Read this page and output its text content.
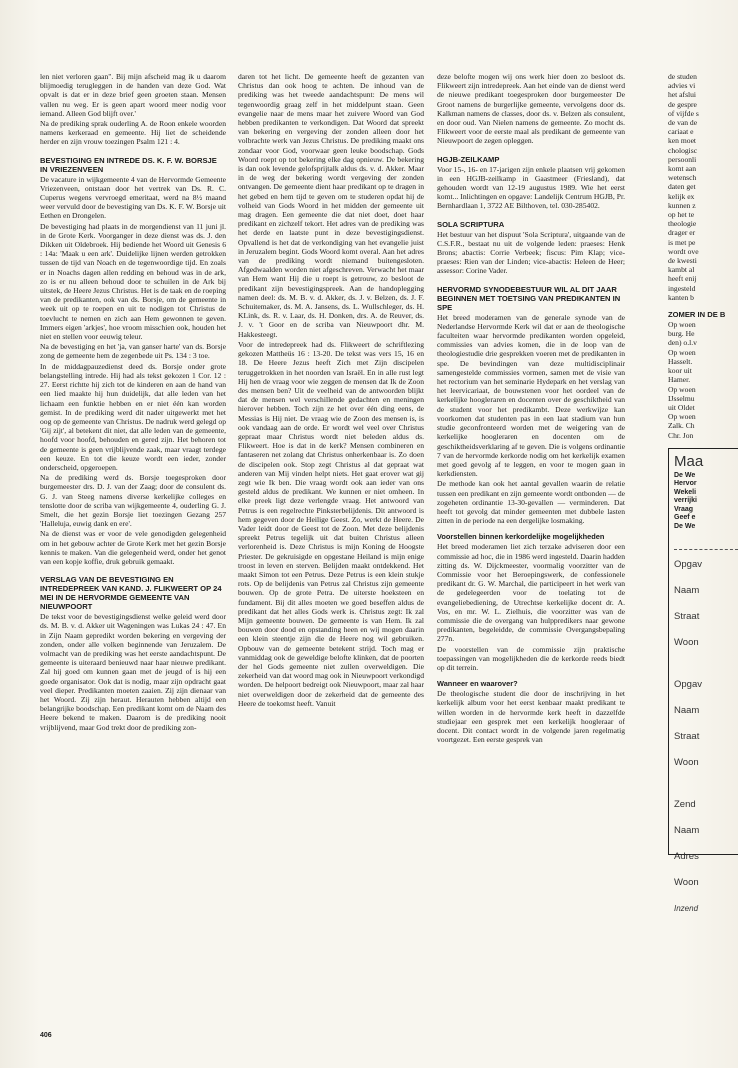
len niet verloren gaan". Bij mijn afscheid mag ik u daarom blijmoedig terugleggen in de handen van deze God. Wat opvalt is dat er in deze brief geen groeten staan. Mensen vallen nu weg. Er is geen apart woord meer nodig voor iemand. Alleen God blijft over.'

Na de prediking sprak ouderling A. de Roon enkele woorden namens kerkeraad en gemeente. Hij liet de scheidende herder en zijn vrouw toezingen Psalm 121 : 4.

BEVESTIGING EN INTREDE DS. K. F. W. BORSJE IN VRIEZENVEEN

De vacature in wijkgemeente 4 van de Hervormde Gemeente Vriezenveen, ontstaan door het vertrek van Ds. R. C. Cuperus wegens vervroegd emeritaat, werd na 8½ maand weer vervuld door de bevestiging van Ds. K. F. W. Borsje uit Eethen en Drongelen.

De bevestiging had plaats in de morgendienst van 11 juni jl. in de Grote Kerk. Voorganger in deze dienst was ds. J. den Dikken uit Oldebroek. Hij bediende het Woord uit Genesis 6 : 14a: 'Maak u een ark'. Duidelijke lijnen werden getrokken tussen de tijd van Noach en de tegenwoordige tijd. En zoals er in Noachs dagen allen redding en behoud was in de ark, zo is er nu alleen behoud door te schuilen in de Ark bij uitstek, de Heere Jezus Christus. Het is de taak en de roeping van de predikanten, ook van ds. Borsje, om de gemeente in week uit op te roepen en uit te nodigen tot Christus de toevlucht te nemen en zich aan Hem gewonnen te geven. Immers eigen 'arkjes', hoe vroom misschien ook, houden het niet en stellen voor eeuwig teleur.

Na de bevestiging en het 'ja, van ganser harte' van ds. Borsje zong de gemeente hem de zegenbede uit Ps. 134 : 3 toe.

In de middagpauzedienst deed ds. Borsje onder grote belangstelling intrede. Hij had als tekst gekozen 1 Cor. 12 : 27. Eerst richtte hij zich tot de kinderen en aan de hand van een lied maakte hij hun duidelijk, dat alle leden van het lichaam een funktie hebben en er niet één kan worden gemist. In de prediking werd dit nader uitgewerkt met het oog op de gemeente van Christus. De nadruk werd gelegd op 'Gij zijt', al betekent dit niet, dat alle leden van de gemeente, hoofd voor hoofd, behouden en gered zijn. Het behoren tot de gemeente is geen vrijblijvende zaak, maar vraagt terdege een keuze. En tot die keuze wordt een ieder, zonder onderscheid, opgeroepen.

Na de prediking werd ds. Borsje toegesproken door burgemeester drs. D. J. van der Zaag; door de consulent ds. G. J. van Steeg namens diverse kerkelijke colleges en tenslotte door de scriba van wijkgemeente 4, ouderling G. J. Smelt, die het gezin Borsje liet toezingen Gezang 257 'Halleluja, euwig dank en ere'.

Na de dienst was er voor de vele genodigden gelegenheid om in het gebouw achter de Grote Kerk met het gezin Borsje kennis te maken. Van die gelegenheid werd, onder het genot van een kopje koffie, druk gebruik gemaakt.

VERSLAG VAN DE BEVESTIGING EN INTREDEPREEK VAN KAND. J. FLIKWEERT OP 24 MEI IN DE HERVORMDE GEMEENTE VAN NIEUWPOORT

De tekst voor de bevestigingsdienst welke geleid werd door ds. M. B. v. d. Akker uit Wageningen was Lukas 24 : 47. En in Zijn Naam gepredikt worden bekering en vergeving der zonden, onder alle volken beginnende van Jeruzalem. De volmacht van de prediking was het eerste aandachtspunt. De gemeente is uiteraard benieuwd naar haar nieuwe predikant. Zal hij goed om kunnen gaan met de jeugd of is hij een goede organisator. Ook dat is nodig, maar zijn opdracht gaat veel dieper. Predikanten moeten zaaien. Zij zijn dienaar van het Woord. Zij zijn heraut. Herauten hebben altijd een belangrijke boodschap. Een predikant komt om de Naam des Heere bekend te maken. Daarom is de prediking nooit vrijblijvend, maar God trekt door de prediking zon-

daren tot het licht. De gemeente heeft de gezanten van Christus dan ook hoog te achten. De inhoud van de prediking was het tweede aandachtspunt: De mens wil tegenwoordig graag zelf in het middelpunt staan. Geen evangelie naar de mens maar het zuivere Woord van God hebben predikanten te verkondigen. Dat Woord dat spreekt van bekering en vergeving der zonden alleen door het volbrachte werk van Jezus Christus. De prediking maakt ons zondaar voor God, voorwaar geen leuke boodschap. Gods Woord roept op tot bekering elke dag opnieuw. De bekering is dan ook levende gelofsprijtalk aldus ds. v. d. Akker. Maar in de weg der bekering wordt vergeving der zonden ontvangen. De gemeente dient haar predikant op te dragen in het gebed en hem tijd te geven om te studeren opdat hij de volheid van Gods Woord in het midden der gemeente uit mag dragen. Een gemeente die dat niet doet, doet haar predikant en zichzelf tekort. Het adres van de prediking was het derde en laatste punt in deze bevestigingsdienst. Opvallend is het dat de verkondiging van het evangelie juist in Jeruzalem begint. Gods Woord komt overal. Aan het adres van de prediking wordt niemand buitengesloten. Afgedwaalden worden niet afgeschreven. Verwacht het maar van Hem want Hij die u roept is getrouw, zo besloot de predikant zijn bevestigingspreek. Aan de handoplegging namen deel: ds. M. B. v. d. Akker, ds. J. v. Belzen, ds. J. F. Schuitemaker, ds. M. A. Jansens, ds. L. Wullschleger, ds. H. KLink, ds. R. v. Laar, ds. H. Donken, drs. A. de Reuver, ds. J. v. 't Goor en de scriba van Nieuwpoort dhr. M. Hakkesteegt.

Voor de intredepreek had ds. Flikweert de schriftlezing gekozen Mattheüs 16 : 13-20. De tekst was vers 15, 16 en 18. De Heere Jezus heeft Zich met Zijn discipelen teruggetrokken in het noorden van Israël. En in alle rust legt Hij hen de vraag voor wie zeggen de mensen dat Ik de Zoon des mensen ben? Uit de veelheid van de antwoorden blijkt dat de mensen wel verschillende gedachten en meningen hierover hebben. Toch zijn ze het over één ding eens, de Messias is Hij niet. De vraag wie de Zoon des mensen is, is ook vandaag aan de orde. Er wordt wel veel over Christus gepraat maar Christus wordt niet beleden aldus ds. Flikweert. Hoe is dat in de kerk? Mensen combineren en fantaseren net zolang dat Christus onherkenbaar is. Zo doen de discipelen ook. Stop zegt Christus al dat gepraat wat anderen van Mij vinden helpt niets. Het gaat erover wat gij zegt wie Ik ben. Die vraag wordt ook aan ieder van ons gesteld aldus de predikant. We kunnen er niet omheen. In elke preek ligt deze verlengde vraag. Het antwoord van Petrus is een regelrechte Pinksterbelijdenis. Dit antwoord is hem gegeven door de Heilige Geest. Zo, werkt de Heere. De Vader leidt door de Geest tot de Zoon. Met deze belijdenis spreekt Petrus tegelijk uit dat buiten Christus alleen verlorenheid is. Deze Christus is mijn Koning de Hoogste Priester. De gekruisigde en opgestane Heiland is mijn enige troost in leven en sterven. Belijden maakt ontdekkend. Het maakt Simon tot een Petrus. Deze Petrus is een klein stukje rots. Op de belijdenis van Petrus zal Christus zijn gemeente bouwen. Op de grote Petra. De uiterste hoeksteen en fundament. Bij dit alles moeten we goed beseffen aldus de predikant dat het alles Gods werk is. Christus zegt: Ik zal Mijn gemeente bouwen. De gemeente is van Hem. Ik zal bouwen door dood en opstanding heen en wij mogen daarin een klein steentje zijn die de Heere nog wil gebruiken. Opbouw van de gemeente betekent strijd. Toch mag er vanmiddag ook de geweldige belofte klinken, dat de poorten der hel Gods gemeente niet zullen overweldigen. Die zekerheid van dat woord mag ook in Nieuwpoort verkondigd worden. De helpoort bedreigt ook Nieuwpoort, maar zal haar niet overweldigen door de zekerheid dat de gemeente des Heere de toekomst heeft. Vanuit

deze belofte mogen wij ons werk hier doen zo besloot ds. Flikweert zijn intredepreek. Aan het einde van de dienst werd de nieuwe predikant toegesproken door burgemeester De Groot namens de burgerlijke gemeente, vervolgens door ds. Kalkman namens de classes, door ds. v. Belzen als consulent, en door oud. Van Nielen namens de gemeente. Zo mocht ds. Flikweert voor de eerste maal als predikant de gemeente van Nieuwpoort de zegen opleggen.

HGJB-ZEILKAMP

Voor 15-, 16- en 17-jarigen zijn enkele plaatsen vrij gekomen in een HGJB-zeilkamp in Gaastmeer (Friesland), dat gehouden wordt van 12-19 augustus 1989. Wie het eerst komt... Inlichtingen en opgave: Landelijk Centrum HGJB, Pr. Bernhardlaan 1, 3722 AE Bilthoven, tel. 030-285402.

SOLA SCRIPTURA

Het bestuur van het dispuut 'Sola Scriptura', uitgaande van de C.S.F.R., bestaat nu uit de volgende leden: praeses: Henk Brons; abactis: Corrie Verbeek; fiscus: Pim Klap; vice-praeses: Rien van der Linden; vice-abactis: Heleen de Heer; assessor: Corine Vader.

HERVORMD SYNODEBESTUUR WIL AL DIT JAAR BEGINNEN MET TOETSING VAN PREDIKANTEN IN SPE

Het breed moderamen van de generale synode van de Nederlandse Hervormde Kerk wil dat er aan de theologische faculteiten waar hervormde predikanten worden opgeleid, commissies van advies komen, die in de loop van de theologiestudie drie gesprekken voeren met de predikanten in spe. De bevindingen van deze multidisciplinair samengestelde commissies vormen, samen met de visie van het rectorium van het seminarie Hydepark en het verslag van het leervicariaat, de bouwstenen voor het oordeel van de kerkelijke hoogleraren en docenten over de geschiktheid van de student voor het predikambt. Deze werkwijze kan voorkomen dat studenten pas in een laat stadium van hun studie geconfronteerd worden met de weigering van de kerkelijke hoogleraren en docenten om de geschiktheidsverklaring af te geven. Die is volgens ordinantie 7 van de hervormde kerkorde nodig om het kerkelijk examen met goed gevolg af te leggen, en voor te mogen gaan in kerkdiensten.

De methode kan ook het aantal gevallen waarin de relatie tussen een predikant en zijn gemeente wordt ontbonden — de zogeheten ordinantie 13-30-gevallen — verminderen. Dat heeft tot gevolg dat minder gemeenten met dubbele lasten zitten in de periode na een dergelijke losmaking.

Voorstellen binnen kerkordelijke mogelijkheden

Het breed moderamen liet zich terzake adviseren door een commissie ad hoc, die in 1986 werd ingesteld. Daarin hadden zitting ds. W. Dijckmeester, voormalig voorzitter van de Commissie voor het Beroepingswerk, de confessionele predikant dr. G. W. Marchal, die participeert in het werk van de gedelegeerden voor de toelating tot de evangeliebediening, de Utrechtse kerkelijke docent dr. A. Vos, en mr. W. L. Zielhuis, die voorzitter was van de commissie die de overgang van hulppredikers naar gewone predikanten, begeleidde, de commissie Overgangsbepaling 277n.

De voorstellen van de commissie zijn praktische toepassingen van mogelijkheden die de kerkorde reeds biedt op dit terrein.

Wanneer en waarover?

De theologische student die door de inschrijving in het kerkelijk album voor het eerst kenbaar maakt predikant te willen worden in de hervormde kerk heeft in dazzelfde studiejaar een gesprek met een kerkelijk hoogleraar of docent. Dit contact wordt in de volgende jaren regelmatig voortgezet. Een eerste gesprek van

de studen
advies vi
het afslui
de gespre
of vijfde s
de van de
cariaat e
ken moet
chologisc
persoonli
komt aan
wetensch
daten get
kelijk ex
kunnen z
op het te
theologie
drager er
is met pe
wordt ove
de kwesti
kambt al
heeft enij
ingesteld
kanten b
ZOMER IN DE B
Op woen
burg. He
den) o.l.v
Op woen
Hasselt.
koor uit
Hamer.
Op woen
IJsselmu
uit Oldet
Op woen
Zalk. Ch
Chr. Jon
Maa
De We
Hervor
Wekeli
verrijki
Vraag
Geef e
De We
Opgav
Naam
Straat
Woon
Opgav
Naam
Straat
Woon
Zend
Naam
Adres
Woon
Inzend
406
